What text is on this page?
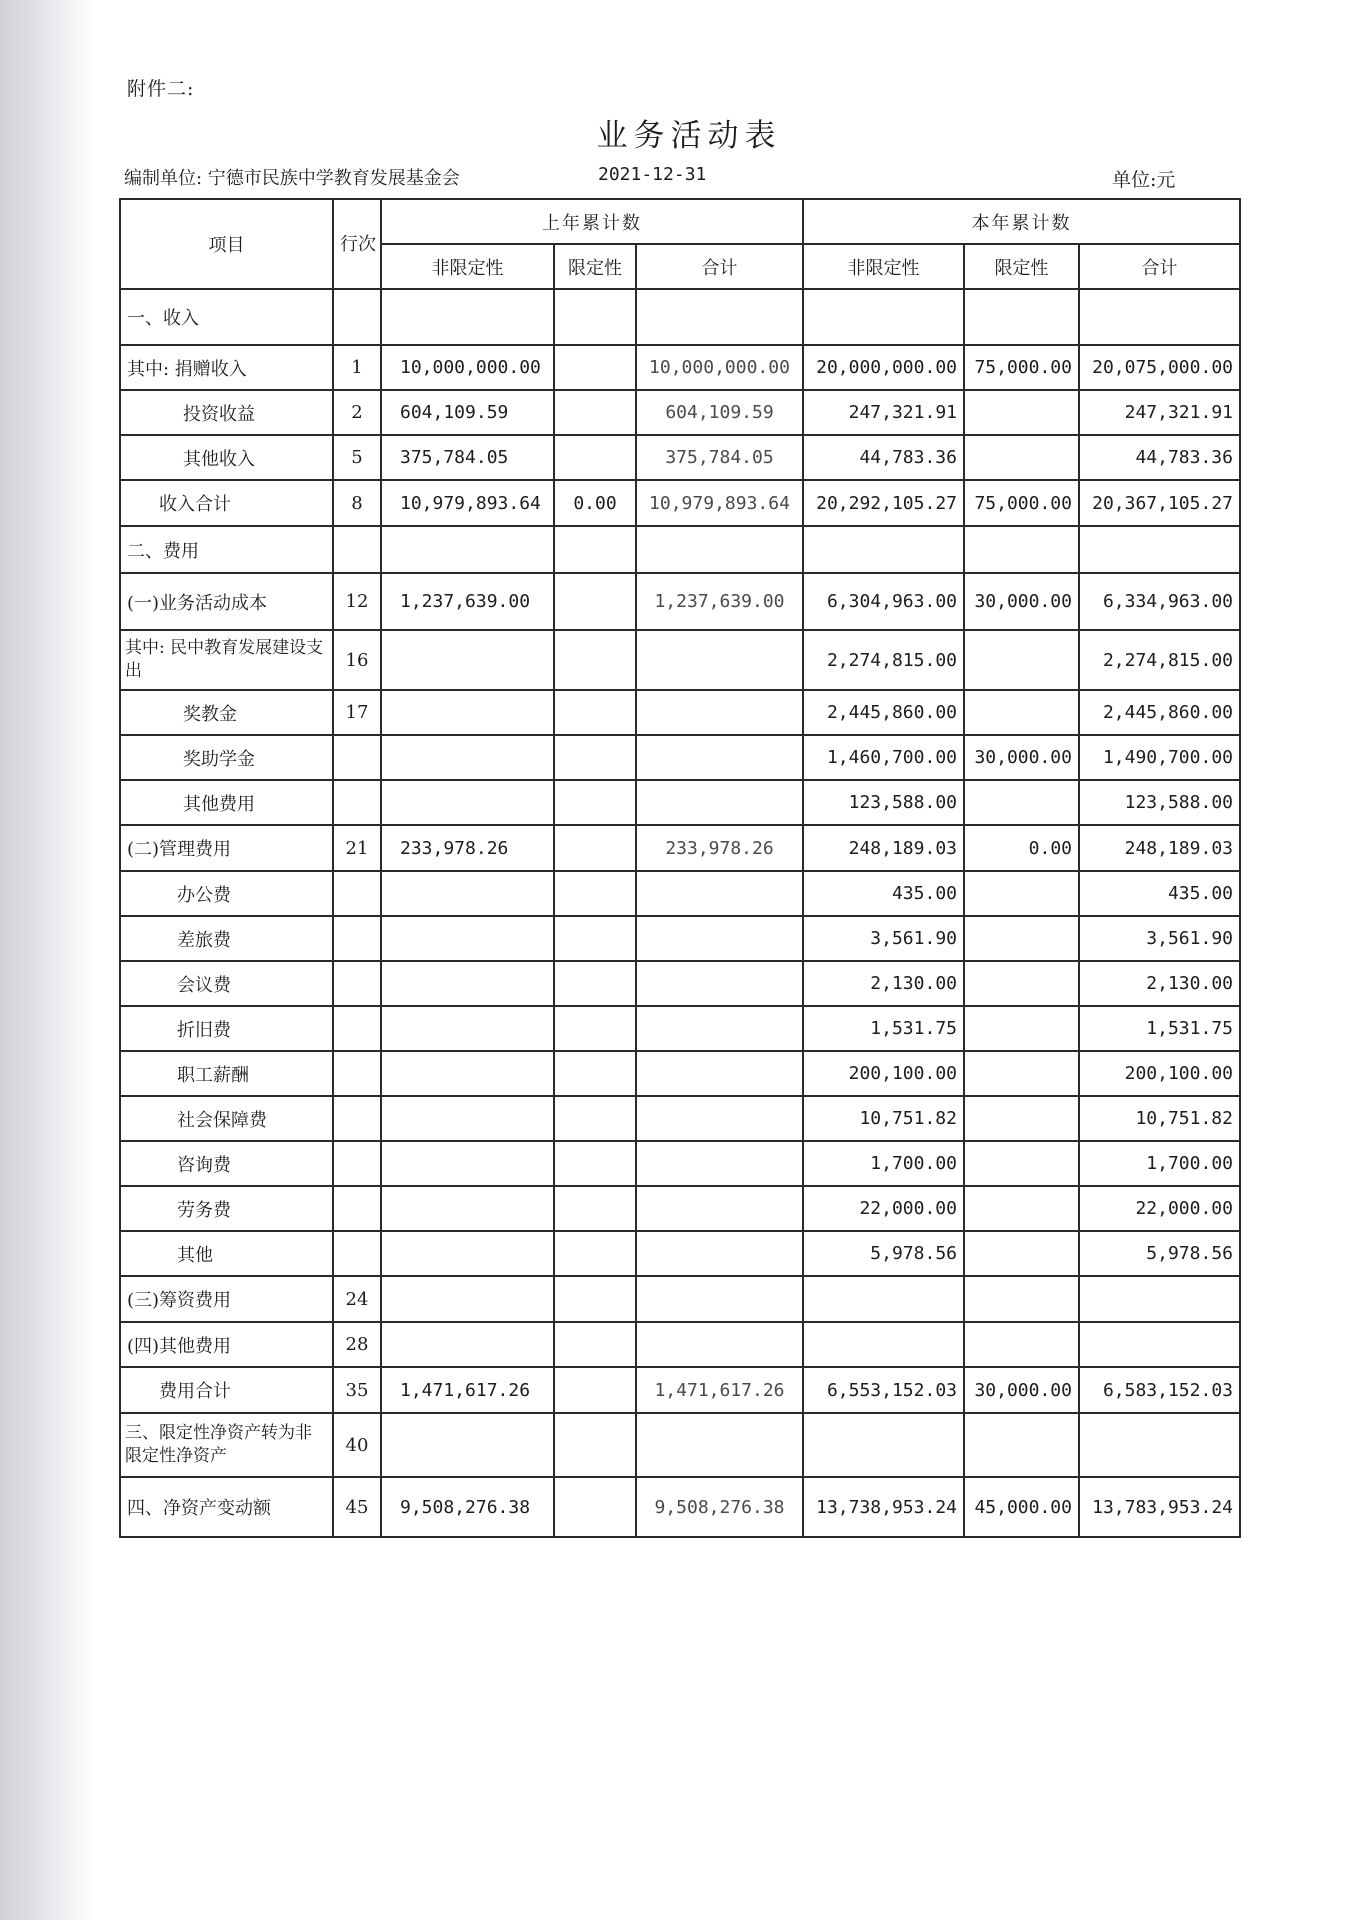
附件二:
业务活动表
编制单位: 宁德市民族中学教育发展基金会	2021-12-31	单位:元
项目	行次	上年累计数			本年累计数		
		非限定性	限定性	合计	非限定性	限定性	合计
一、收入							
其中: 捐赠收入	1	10,000,000.00		10,000,000.00	20,000,000.00	75,000.00	20,075,000.00
投资收益	2	604,109.59		604,109.59	247,321.91		247,321.91
其他收入	5	375,784.05		375,784.05	44,783.36		44,783.36
收入合计	8	10,979,893.64	0.00	10,979,893.64	20,292,105.27	75,000.00	20,367,105.27
二、费用							
(一)业务活动成本	12	1,237,639.00		1,237,639.00	6,304,963.00	30,000.00	6,334,963.00
其中: 民中教育发展建设支出	16				2,274,815.00		2,274,815.00
奖教金	17				2,445,860.00		2,445,860.00
奖助学金					1,460,700.00	30,000.00	1,490,700.00
其他费用					123,588.00		123,588.00
(二)管理费用	21	233,978.26		233,978.26	248,189.03	0.00	248,189.03
办公费					435.00		435.00
差旅费					3,561.90		3,561.90
会议费					2,130.00		2,130.00
折旧费					1,531.75		1,531.75
职工薪酬					200,100.00		200,100.00
社会保障费					10,751.82		10,751.82
咨询费					1,700.00		1,700.00
劳务费					22,000.00		22,000.00
其他					5,978.56		5,978.56
(三)筹资费用	24						
(四)其他费用	28						
费用合计	35	1,471,617.26		1,471,617.26	6,553,152.03	30,000.00	6,583,152.03
三、限定性净资产转为非限定性净资产	40						
四、净资产变动额	45	9,508,276.38		9,508,276.38	13,738,953.24	45,000.00	13,783,953.24
